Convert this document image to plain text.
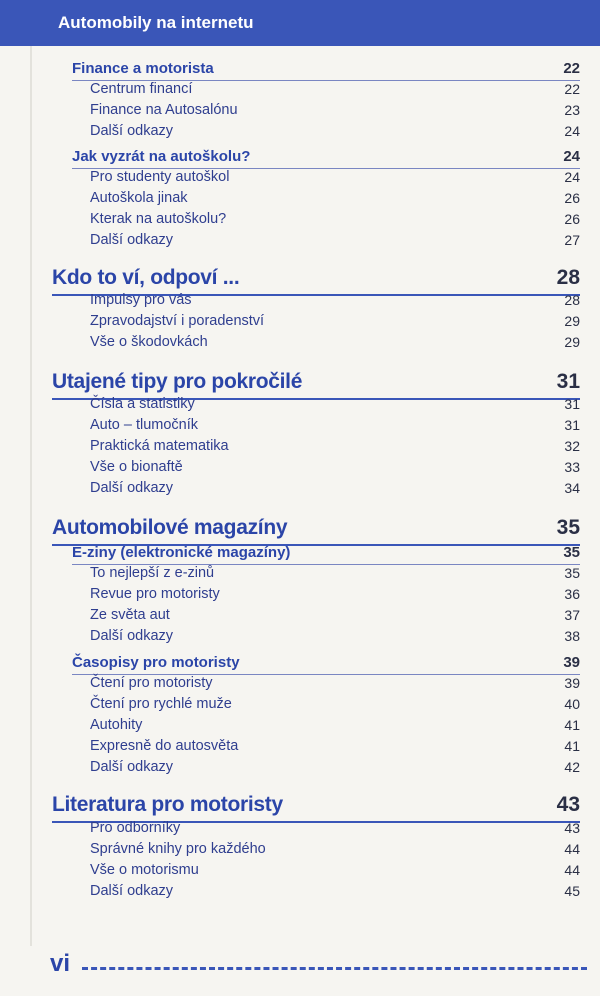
Automobily na internetu
Finance a motorista	22
Centrum financí	22
Finance na Autosalónu	23
Další odkazy	24
Jak vyzrát na autoškolu?	24
Pro studenty autoškol	24
Autoškola jinak	26
Kterak na autoškolu?	26
Další odkazy	27
Kdo to ví, odpoví ...	28
Impulsy pro vás	28
Zpravodajství i poradenství	29
Vše o škodovkách	29
Utajené tipy pro pokročilé	31
Čísla a statistiky	31
Auto – tlumočník	31
Praktická matematika	32
Vše o bionaftě	33
Další odkazy	34
Automobilové magazíny	35
E-ziny (elektronické magazíny)	35
To nejlepší z e-zinů	35
Revue pro motoristy	36
Ze světa aut	37
Další odkazy	38
Časopisy pro motoristy	39
Čtení pro motoristy	39
Čtení pro rychlé muže	40
Autohity	41
Expresně do autosvěta	41
Další odkazy	42
Literatura pro motoristy	43
Pro odborníky	43
Správné knihy pro každého	44
Vše o motorismu	44
Další odkazy	45
vi
